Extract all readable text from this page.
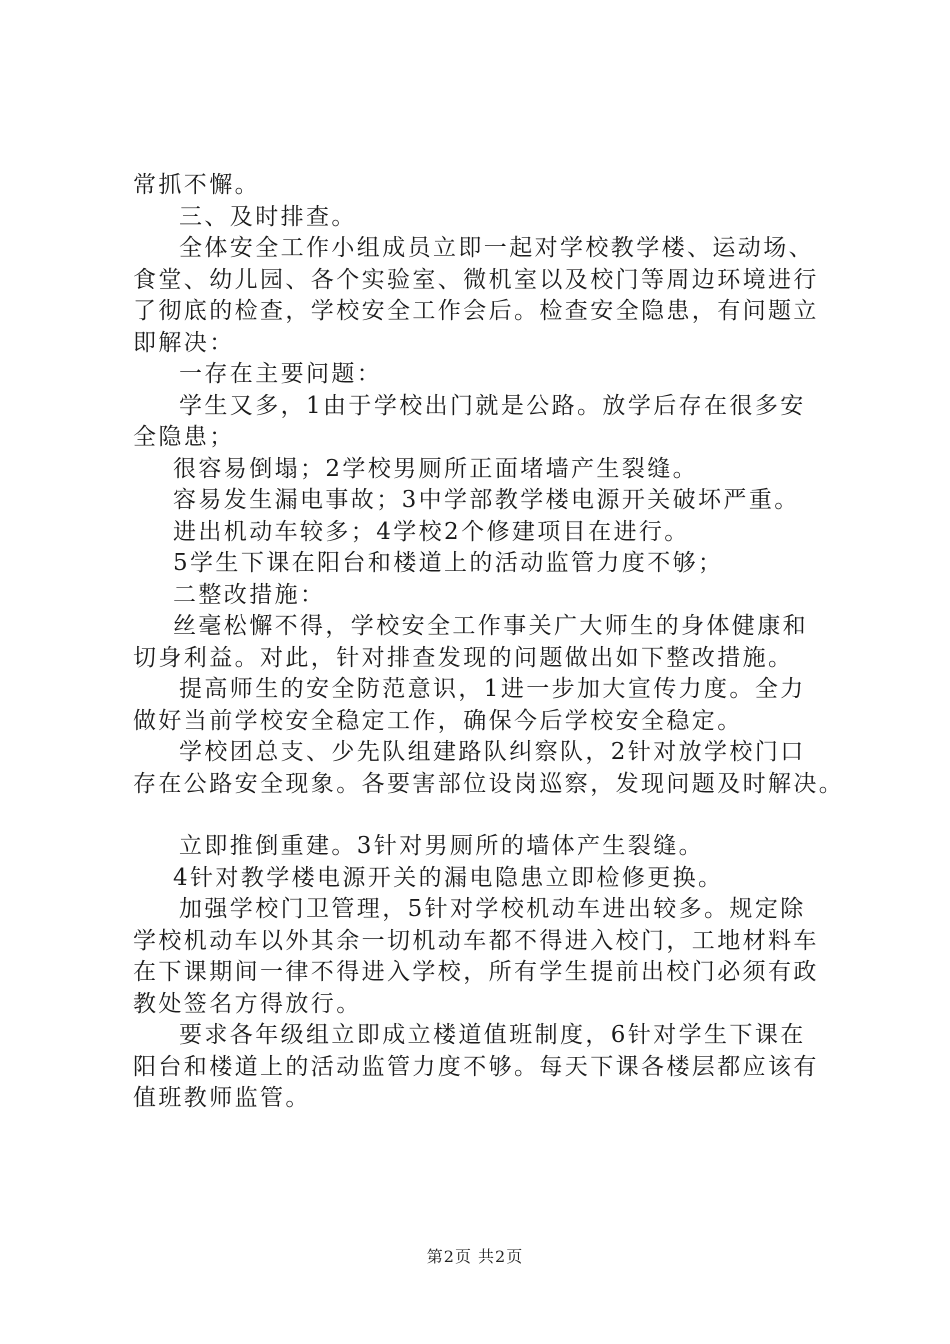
常抓不懈。
三、及时排查。
全体安全工作小组成员立即一起对学校教学楼、运动场、
食堂、幼儿园、各个实验室、微机室以及校门等周边环境进行
了彻底的检查，学校安全工作会后。检查安全隐患，有问题立
即解决：
一存在主要问题：
学生又多，1由于学校出门就是公路。放学后存在很多安
全隐患；
很容易倒塌；2学校男厕所正面堵墙产生裂缝。
容易发生漏电事故；3中学部教学楼电源开关破坏严重。
进出机动车较多；4学校2个修建项目在进行。
5学生下课在阳台和楼道上的活动监管力度不够；
二整改措施：
丝毫松懈不得，学校安全工作事关广大师生的身体健康和
切身利益。对此，针对排查发现的问题做出如下整改措施。
提高师生的安全防范意识，1进一步加大宣传力度。全力
做好当前学校安全稳定工作，确保今后学校安全稳定。
学校团总支、少先队组建路队纠察队，2针对放学校门口
存在公路安全现象。各要害部位设岗巡察，发现问题及时解决。
立即推倒重建。3针对男厕所的墙体产生裂缝。
4针对教学楼电源开关的漏电隐患立即检修更换。
加强学校门卫管理，5针对学校机动车进出较多。规定除
学校机动车以外其余一切机动车都不得进入校门，工地材料车
在下课期间一律不得进入学校，所有学生提前出校门必须有政
教处签名方得放行。
要求各年级组立即成立楼道值班制度，6针对学生下课在
阳台和楼道上的活动监管力度不够。每天下课各楼层都应该有
值班教师监管。
第2页 共2页
